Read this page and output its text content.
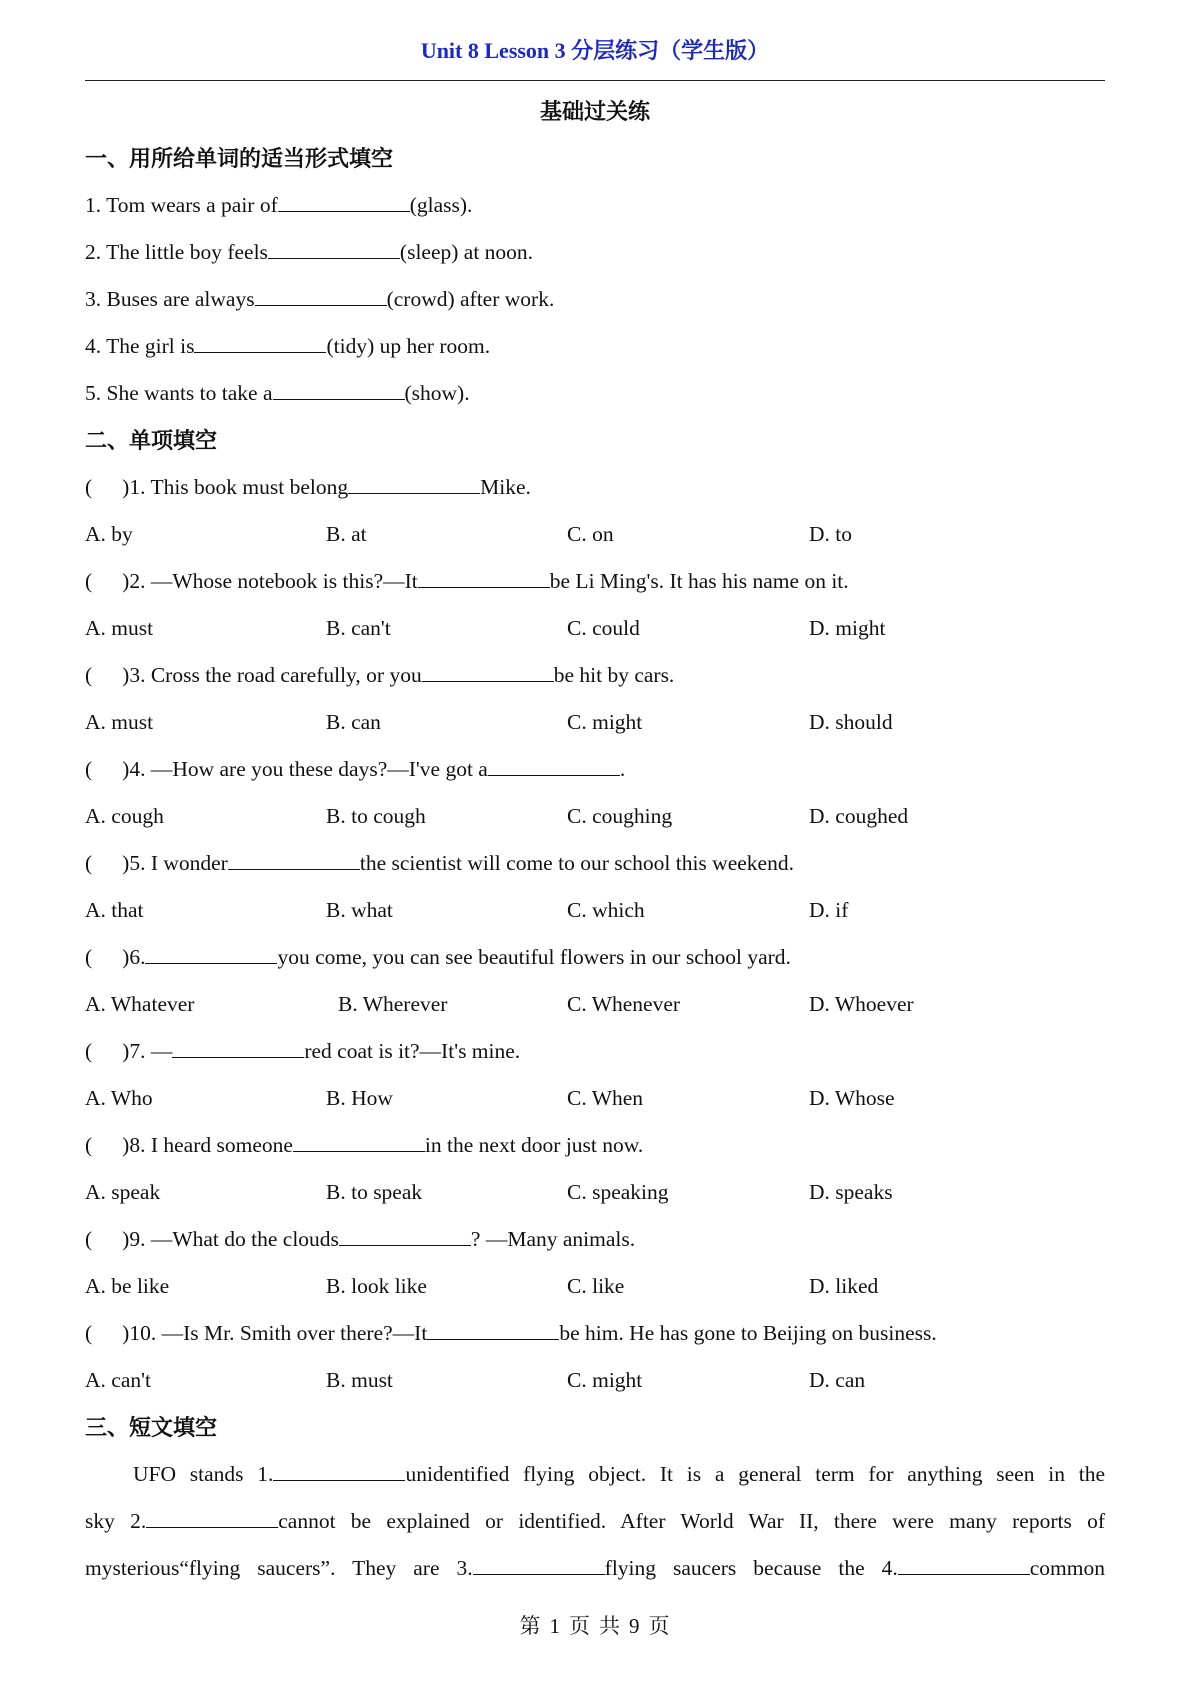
Unit 8 Lesson 3 分层练习（学生版）
基础过关练
一、用所给单词的适当形式填空
1. Tom wears a pair of	(glass).
2. The little boy feels	(sleep) at noon.
3. Buses are always	(crowd) after work.
4. The girl is	(tidy) up her room.
5. She wants to take a	(show).
二、单项填空
( )1. This book must belong	Mike.
A. by	B. at	C. on	D. to
( )2. —Whose notebook is this?—It	be Li Ming's. It has his name on it.
A. must	B. can't	C. could	D. might
( )3. Cross the road carefully, or you	be hit by cars.
A. must	B. can	C. might	D. should
( )4. —How are you these days?—I've got a	.
A. cough	B. to cough	C. coughing	D. coughed
( )5. I wonder	the scientist will come to our school this weekend.
A. that	B. what	C. which	D. if
( )6.	you come, you can see beautiful flowers in our school yard.
A. Whatever	B. Wherever	C. Whenever	D. Whoever
( )7. —	red coat is it?—It's mine.
A. Who	B. How	C. When	D. Whose
( )8. I heard someone	in the next door just now.
A. speak	B. to speak	C. speaking	D. speaks
( )9. —What do the clouds	? —Many animals.
A. be like	B. look like	C. like	D. liked
( )10. —Is Mr. Smith over there?—It	be him. He has gone to Beijing on business.
A. can't	B. must	C. might	D. can
三、短文填空
UFO stands 1.	unidentified flying object. It is a general term for anything seen in the
sky 2.	cannot be explained or identified. After World War II, there were many reports of
mysterious“flying saucers”. They are 3.	flying saucers because the 4.	common
第 1 页 共 9 页
